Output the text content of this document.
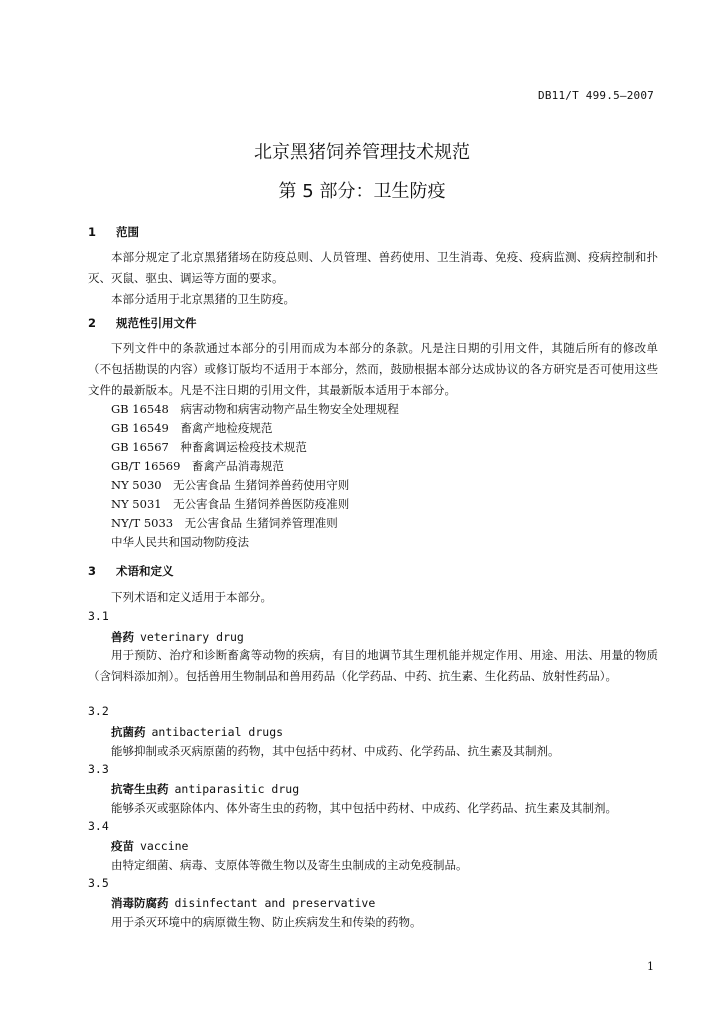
DB11/T 499.5—2007
北京黑猪饲养管理技术规范
第 5 部分：卫生防疫
1 范围
本部分规定了北京黑猪猪场在防疫总则、人员管理、兽药使用、卫生消毒、免疫、疫病监测、疫病控制和扑灭、灭鼠、驱虫、调运等方面的要求。
本部分适用于北京黑猪的卫生防疫。
2 规范性引用文件
下列文件中的条款通过本部分的引用而成为本部分的条款。凡是注日期的引用文件，其随后所有的修改单（不包括勘误的内容）或修订版均不适用于本部分，然而，鼓励根据本部分达成协议的各方研究是否可使用这些文件的最新版本。凡是不注日期的引用文件，其最新版本适用于本部分。
GB 16548　病害动物和病害动物产品生物安全处理规程
GB 16549　畜禽产地检疫规范
GB 16567　种畜禽调运检疫技术规范
GB/T 16569　畜禽产品消毒规范
NY 5030　无公害食品 生猪饲养兽药使用守则
NY 5031　无公害食品 生猪饲养兽医防疫准则
NY/T 5033　无公害食品 生猪饲养管理准则
中华人民共和国动物防疫法
3 术语和定义
下列术语和定义适用于本部分。
3.1
兽药 veterinary drug
用于预防、治疗和诊断畜禽等动物的疾病，有目的地调节其生理机能并规定作用、用途、用法、用量的物质（含饲料添加剂）。包括兽用生物制品和兽用药品（化学药品、中药、抗生素、生化药品、放射性药品）。
3.2
抗菌药 antibacterial drugs
能够抑制或杀灭病原菌的药物，其中包括中药材、中成药、化学药品、抗生素及其制剂。
3.3
抗寄生虫药 antiparasitic drug
能够杀灭或驱除体内、体外寄生虫的药物，其中包括中药材、中成药、化学药品、抗生素及其制剂。
3.4
疫苗 vaccine
由特定细菌、病毒、支原体等微生物以及寄生虫制成的主动免疫制品。
3.5
消毒防腐药 disinfectant and preservative
用于杀灭环境中的病原微生物、防止疾病发生和传染的药物。
1
